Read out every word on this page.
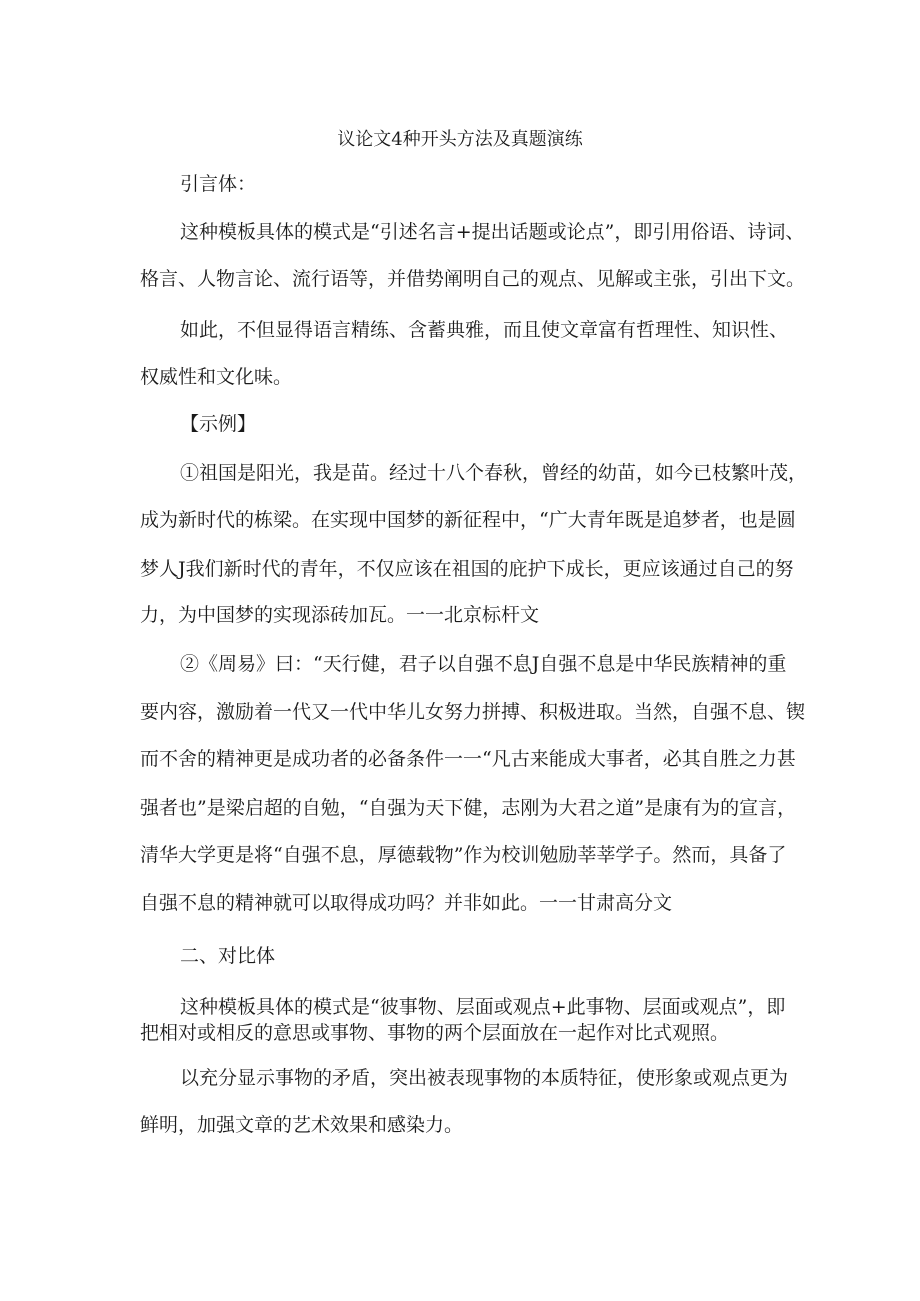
议论文4种开头方法及真题演练
引言体：
这种模板具体的模式是“引述名言+提出话题或论点”，即引用俗语、诗词、
格言、人物言论、流行语等，并借势阐明自己的观点、见解或主张，引出下文。
如此，不但显得语言精练、含蓄典雅，而且使文章富有哲理性、知识性、
权威性和文化味。
【示例】
①祖国是阳光，我是苗。经过十八个春秋，曾经的幼苗，如今已枝繁叶茂，
成为新时代的栋梁。在实现中国梦的新征程中，“广大青年既是追梦者，也是圆
梦人J我们新时代的青年，不仅应该在祖国的庇护下成长，更应该通过自己的努
力，为中国梦的实现添砖加瓦。一一北京标杆文
②《周易》曰：“天行健，君子以自强不息J自强不息是中华民族精神的重
要内容，激励着一代又一代中华儿女努力拼搏、积极进取。当然，自强不息、锲
而不舍的精神更是成功者的必备条件一一“凡古来能成大事者，必其自胜之力甚
强者也”是梁启超的自勉，“自强为天下健，志刚为大君之道”是康有为的宣言，
清华大学更是将“自强不息，厚德载物”作为校训勉励莘莘学子。然而，具备了
自强不息的精神就可以取得成功吗？并非如此。一一甘肃高分文
二、对比体
这种模板具体的模式是“彼事物、层面或观点+此事物、层面或观点”，即
把相对或相反的意思或事物、事物的两个层面放在一起作对比式观照。
以充分显示事物的矛盾，突出被表现事物的本质特征，使形象或观点更为
鲜明，加强文章的艺术效果和感染力。
